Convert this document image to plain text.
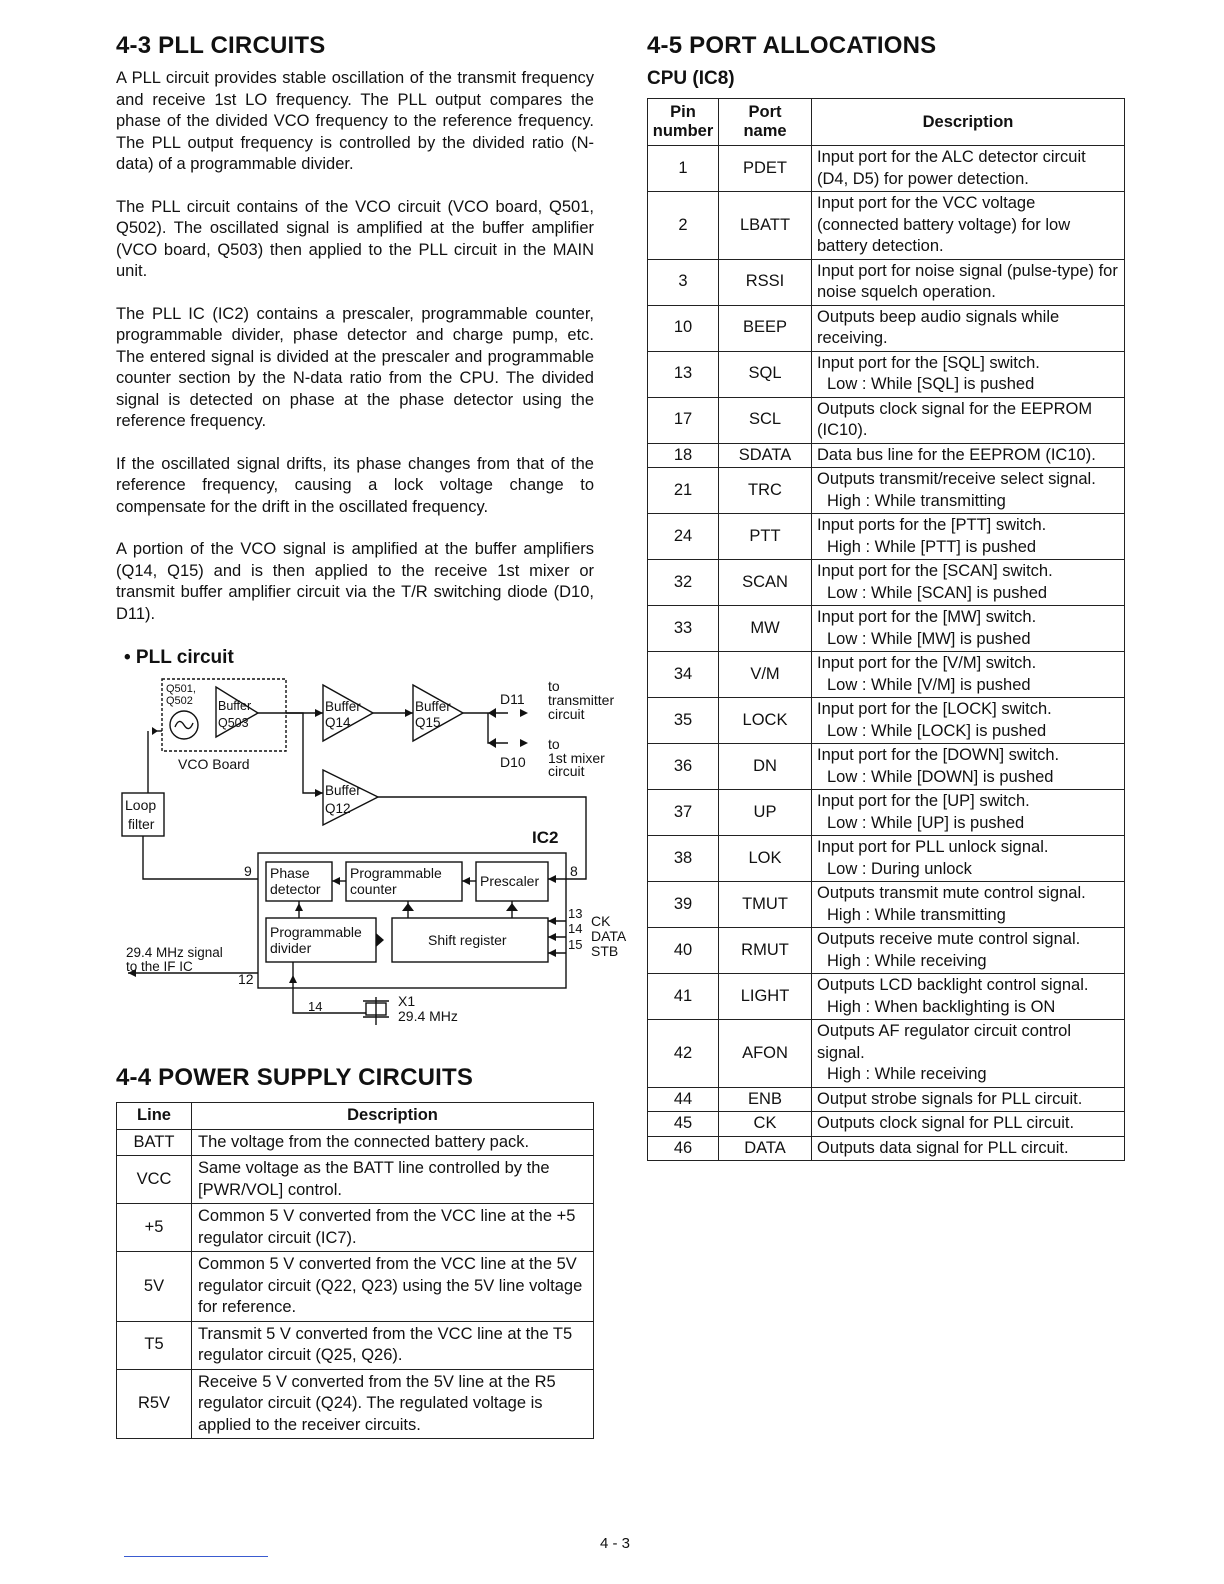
4-3 PLL CIRCUITS

A PLL circuit provides stable oscillation of the transmit frequency and receive 1st LO frequency. The PLL output compares the phase of the divided VCO frequency to the reference frequency. The PLL output frequency is controlled by the divided ratio (N-data) of a programmable divider.

The PLL circuit contains of the VCO circuit (VCO board, Q501, Q502). The oscillated signal is amplified at the buffer amplifier (VCO board, Q503) then applied to the PLL circuit in the MAIN unit.

The PLL IC (IC2) contains a prescaler, programmable counter, programmable divider, phase detector and charge pump, etc. The entered signal is divided at the prescaler and programmable counter section by the N-data ratio from the CPU. The divided signal is detected on phase at the phase detector using the reference frequency.

If the oscillated signal drifts, its phase changes from that of the reference frequency, causing a lock voltage change to compensate for the drift in the oscillated frequency.

A portion of the VCO signal is amplified at the buffer amplifiers (Q14, Q15) and is then applied to the receive 1st mixer or transmit buffer amplifier circuit via the T/R switching diode (D10, D11).

• PLL circuit
Q501,
Q502 Buffer
Q503
VCO Board
Buffer
Q14
Buffer
Q15
D11
D10
to
transmitter
circuit
to
1st mixer
circuit
Loop
filter
Buffer
Q12
IC2
9	8
12
13
14
15
14
Phase
detector
Programmable
counter	Prescaler
Programmable
divider	Shift register
CK
DATA
STB
29.4 MHz signal
to the IF IC
X1
29.4 MHz
4-4 POWER SUPPLY CIRCUITS
Line	Description
BATT	The voltage from the connected battery pack.
VCC	Same voltage as the BATT line controlled by the [PWR/VOL] control.
+5	Common 5 V converted from the VCC line at the +5 regulator circuit (IC7).
5V	Common 5 V converted from the VCC line at the 5V regulator circuit (Q22, Q23) using the 5V line voltage for reference.
T5	Transmit 5 V converted from the VCC line at the T5 regulator circuit (Q25, Q26).
R5V	Receive 5 V converted from the 5V line at the R5 regulator circuit (Q24). The regulated voltage is applied to the receiver circuits.
4-5 PORT ALLOCATIONS
CPU (IC8)
Pin
number	Port
name	Description
1	PDET	Input port for the ALC detector circuit (D4, D5) for power detection.

2	LBATT	Input port for the VCC voltage (connected battery voltage) for low battery detection.

3	RSSI	Input port for noise signal (pulse-type) for noise squelch operation.

10	BEEP	Outputs beep audio signals while receiving.

13	SQL	Input port for the [SQL] switch.
Low : While [SQL] is pushed

17	SCL	Outputs clock signal for the EEPROM (IC10).

18	SDATA	Data bus line for the EEPROM (IC10).

21	TRC	Outputs transmit/receive select signal.
High : While transmitting

24	PTT	Input ports for the [PTT] switch.
High : While [PTT] is pushed

32	SCAN	Input port for the [SCAN] switch.
Low : While [SCAN] is pushed

33	MW	Input port for the [MW] switch.
Low : While [MW] is pushed

34	V/M	Input port for the [V/M] switch.
Low : While [V/M] is pushed

35	LOCK	Input port for the [LOCK] switch.
Low : While [LOCK] is pushed

36	DN	Input port for the [DOWN] switch.
Low : While [DOWN] is pushed

37	UP	Input port for the [UP] switch.
Low : While [UP] is pushed

38	LOK	Input port for PLL unlock signal.
Low : During unlock

39	TMUT	Outputs transmit mute control signal.
High : While transmitting

40	RMUT	Outputs receive mute control signal.
High : While receiving

41	LIGHT	Outputs LCD backlight control signal.
High : When backlighting is ON

42	AFON	Outputs AF regulator circuit control signal.
High : While receiving

44	ENB	Output strobe signals for PLL circuit.

45	CK	Outputs clock signal for PLL circuit.

46	DATA	Outputs data signal for PLL circuit.
4 - 3
